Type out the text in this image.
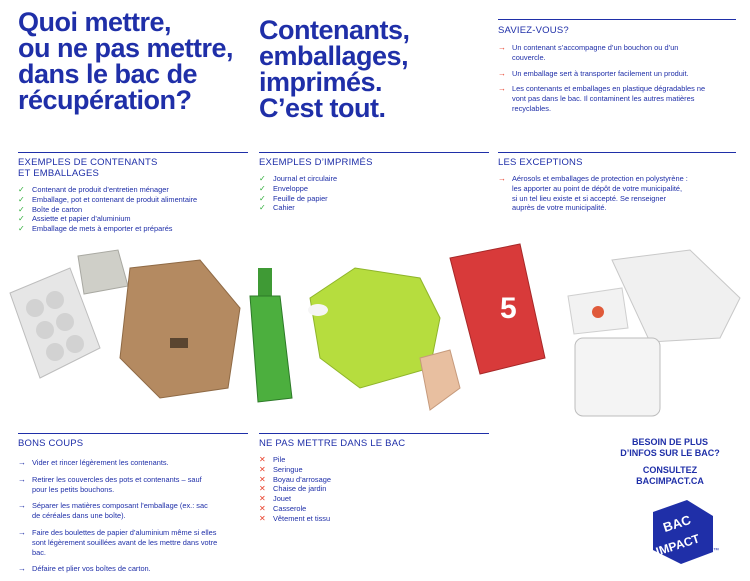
Quoi mettre,
ou ne pas mettre,
dans le bac de
récupération?
Contenants,
emballages,
imprimés.
C’est tout.
SAVIEZ-VOUS?
→ Un contenant s’accompagne d’un bouchon ou d’un couvercle.
→ Un emballage sert à transporter facilement un produit.
→ Les contenants et emballages en plastique dégradables ne vont pas dans le bac. Il contaminent les autres matières recyclables.
EXEMPLES DE CONTENANTS
ET EMBALLAGES
✓ Contenant de produit d’entretien ménager
✓ Emballage, pot et contenant de produit alimentaire
✓ Boîte de carton
✓ Assiette et papier d’aluminium
✓ Emballage de mets à emporter et préparés
EXEMPLES D’IMPRIMÉS
✓ Journal et circulaire
✓ Enveloppe
✓ Feuille de papier
✓ Cahier
LES EXCEPTIONS
→ Aérosols et emballages de protection en polystyrène : les apporter au point de dépôt de votre municipalité, si un tel lieu existe et si accepté. Se renseigner auprès de votre municipalité.
5
BONS COUPS
→ Vider et rincer légèrement les contenants.
→ Retirer les couvercles des pots et contenants – sauf pour les petits bouchons.
→ Séparer les matières composant l’emballage (ex.: sac de céréales dans une boîte).
→ Faire des boulettes de papier d’aluminium même si elles sont légèrement souillées avant de les mettre dans votre bac.
→ Défaire et plier vos boîtes de carton.
NE PAS METTRE DANS LE BAC
✕ Pile
✕ Seringue
✕ Boyau d’arrosage
✕ Chaise de jardin
✕ Jouet
✕ Casserole
✕ Vêtement et tissu
BESOIN DE PLUS
D’INFOS SUR LE BAC?
CONSULTEZ
BACIMPACT.CA
BAC
IMPACT ™
